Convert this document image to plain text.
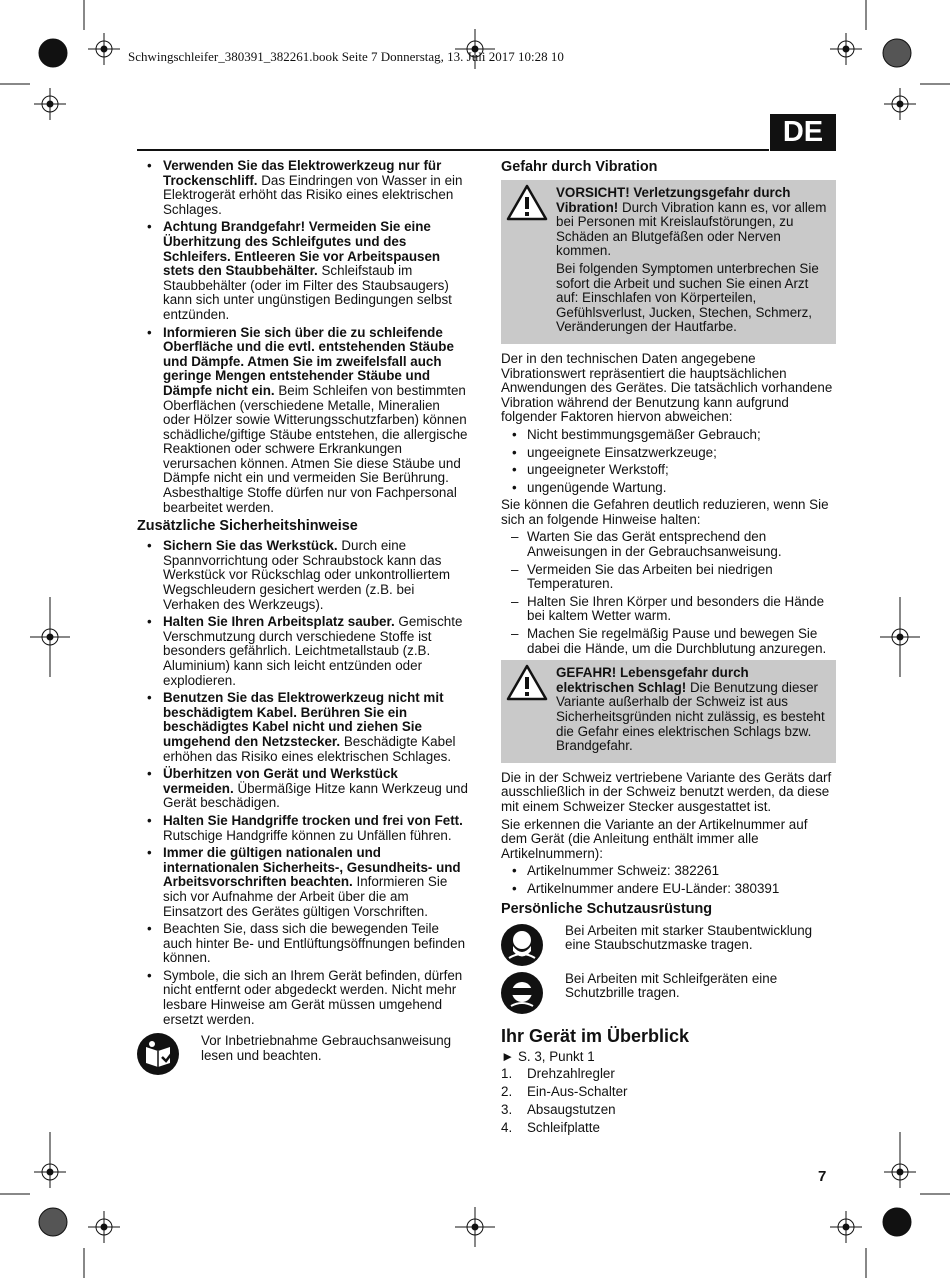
Schwingschleifer_380391_382261.book Seite 7 Donnerstag, 13. Juli 2017 10:28 10
DE
• Verwenden Sie das Elektrowerkzeug nur für Trockenschliff. Das Eindringen von Wasser in ein Elektrogerät erhöht das Risiko eines elektrischen Schlages.
• Achtung Brandgefahr! Vermeiden Sie eine Überhitzung des Schleifgutes und des Schleifers. Entleeren Sie vor Arbeitspausen stets den Staubbehälter. Schleifstaub im Staubbehälter (oder im Filter des Staubsaugers) kann sich unter ungünstigen Bedingungen selbst entzünden.
• Informieren Sie sich über die zu schleifende Oberfläche und die evtl. entstehenden Stäube und Dämpfe. Atmen Sie im zweifelsfall auch geringe Mengen entstehender Stäube und Dämpfe nicht ein. Beim Schleifen von bestimmten Oberflächen (verschiedene Metalle, Mineralien oder Hölzer sowie Witterungsschutzfarben) können schädliche/giftige Stäube entstehen, die allergische Reaktionen oder schwere Erkrankungen verursachen können. Atmen Sie diese Stäube und Dämpfe nicht ein und vermeiden Sie Berührung. Asbesthaltige Stoffe dürfen nur von Fachpersonal bearbeitet werden.
Zusätzliche Sicherheitshinweise
• Sichern Sie das Werkstück. Durch eine Spannvorrichtung oder Schraubstock kann das Werkstück vor Rückschlag oder unkontrolliertem Wegschleudern gesichert werden (z.B. bei Verhaken des Werkzeugs).
• Halten Sie Ihren Arbeitsplatz sauber. Gemischte Verschmutzung durch verschiedene Stoffe ist besonders gefährlich. Leichtmetallstaub (z.B. Aluminium) kann sich leicht entzünden oder explodieren.
• Benutzen Sie das Elektrowerkzeug nicht mit beschädigtem Kabel. Berühren Sie ein beschädigtes Kabel nicht und ziehen Sie umgehend den Netzstecker. Beschädigte Kabel erhöhen das Risiko eines elektrischen Schlages.
• Überhitzen von Gerät und Werkstück vermeiden. Übermäßige Hitze kann Werkzeug und Gerät beschädigen.
• Halten Sie Handgriffe trocken und frei von Fett. Rutschige Handgriffe können zu Unfällen führen.
• Immer die gültigen nationalen und internationalen Sicherheits-, Gesundheits- und Arbeitsvorschriften beachten. Informieren Sie sich vor Aufnahme der Arbeit über die am Einsatzort des Gerätes gültigen Vorschriften.
• Beachten Sie, dass sich die bewegenden Teile auch hinter Be- und Entlüftungsöffnungen befinden können.
• Symbole, die sich an Ihrem Gerät befinden, dürfen nicht entfernt oder abgedeckt werden. Nicht mehr lesbare Hinweise am Gerät müssen umgehend ersetzt werden.
Vor Inbetriebnahme Gebrauchsanweisung lesen und beachten.
Gefahr durch Vibration

VORSICHT! Verletzungsgefahr durch Vibration! Durch Vibration kann es, vor allem bei Personen mit Kreislaufstörungen, zu Schäden an Blutgefäßen oder Nerven kommen.

Bei folgenden Symptomen unterbrechen Sie sofort die Arbeit und suchen Sie einen Arzt auf: Einschlafen von Körperteilen, Gefühlsverlust, Jucken, Stechen, Schmerz, Veränderungen der Hautfarbe.

Der in den technischen Daten angegebene Vibrationswert repräsentiert die hauptsächlichen Anwendungen des Gerätes. Die tatsächlich vorhandene Vibration während der Benutzung kann aufgrund folgender Faktoren hiervon abweichen:

• Nicht bestimmungsgemäßer Gebrauch;
• ungeeignete Einsatzwerkzeuge;
• ungeeigneter Werkstoff;
• ungenügende Wartung.

Sie können die Gefahren deutlich reduzieren, wenn Sie sich an folgende Hinweise halten:

– Warten Sie das Gerät entsprechend den Anweisungen in der Gebrauchsanweisung.
– Vermeiden Sie das Arbeiten bei niedrigen Temperaturen.
– Halten Sie Ihren Körper und besonders die Hände bei kaltem Wetter warm.
– Machen Sie regelmäßig Pause und bewegen Sie dabei die Hände, um die Durchblutung anzuregen.

GEFAHR! Lebensgefahr durch elektrischen Schlag! Die Benutzung dieser Variante außerhalb der Schweiz ist aus Sicherheitsgründen nicht zulässig, es besteht die Gefahr eines elektrischen Schlags bzw. Brandgefahr.

Die in der Schweiz vertriebene Variante des Geräts darf ausschließlich in der Schweiz benutzt werden, da diese mit einem Schweizer Stecker ausgestattet ist.

Sie erkennen die Variante an der Artikelnummer auf dem Gerät (die Anleitung enthält immer alle Artikelnummern):

• Artikelnummer Schweiz: 382261
• Artikelnummer andere EU-Länder: 380391
Persönliche Schutzausrüstung
Bei Arbeiten mit starker Staubentwicklung eine Staubschutzmaske tragen.
Bei Arbeiten mit Schleifgeräten eine Schutzbrille tragen.
Ihr Gerät im Überblick

► S. 3, Punkt 1

1.	Drehzahlregler
2.	Ein-Aus-Schalter
3.	Absaugstutzen
4.	Schleifplatte
7
